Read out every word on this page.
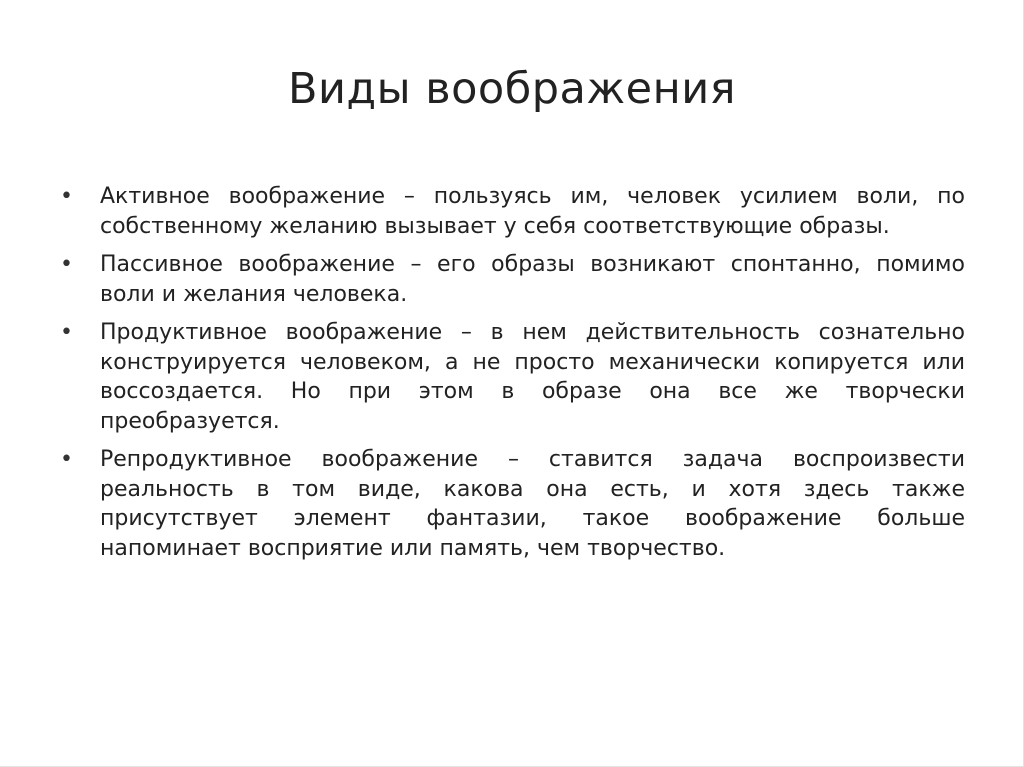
Виды воображения
•	Активное воображение – пользуясь им, человек усилием воли, по собственному желанию вызывает у себя соответствующие образы.
•	Пассивное воображение – его образы возникают спонтанно, помимо воли и желания человека.
•	Продуктивное воображение – в нем действительность сознательно конструируется человеком, а не просто механически копируется или воссоздается. Но при этом в образе она все же творчески преобразуется.
•	Репродуктивное воображение – ставится задача воспроизвести реальность в том виде, какова она есть, и хотя здесь также присутствует элемент фантазии, такое воображение больше напоминает восприятие или память, чем творчество.
